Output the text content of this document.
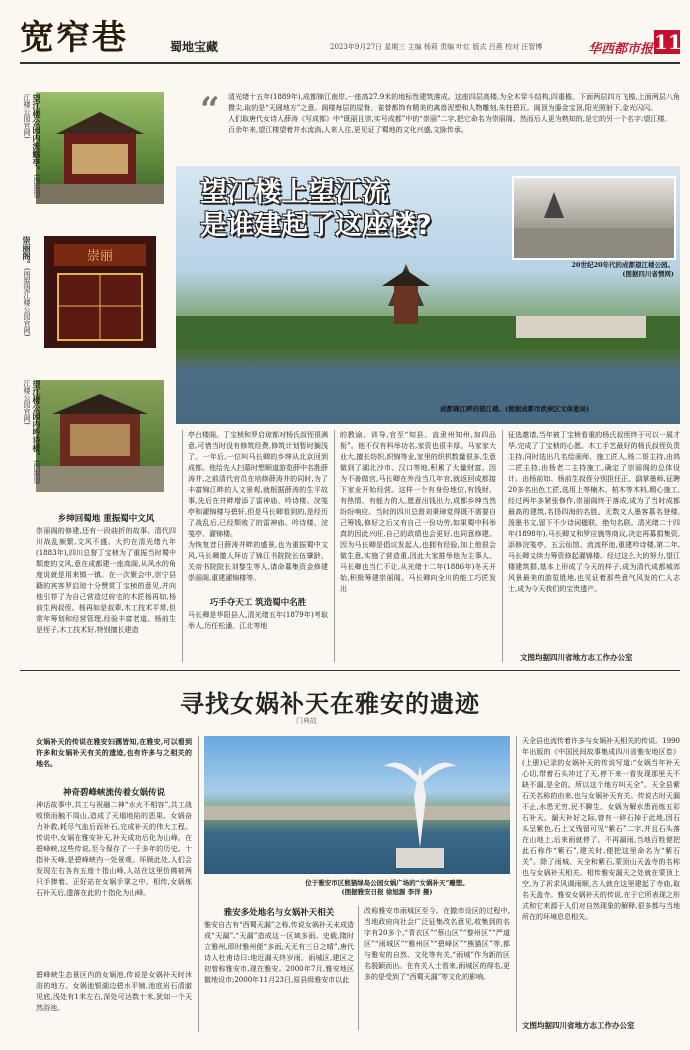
宽窄巷	蜀地宝藏	2023年9月27日 星期三 主编 杨莉 责编 叶红 版式 吕燕 校对 汪智博	华西都市报 11
望江楼公园内流觞亭。(图据望江楼公园官网)
崇丽
崇丽阁。(图据望江楼公园官网)
望江楼公园内吟诗楼。(图据望江楼公园官网)
“ 清光绪十五年(1889年),成都锦江南岸,一座高27.9米的地标性建筑落成。这座四层高楼,为全木穿斗结构,四重檐。下面两层四方飞檐,上面两层八角攒尖,取的是“天圆地方”之意。阁楼每层的屋脊、雀替都饰有精美的禽兽泥塑和人物雕刻,朱柱碧瓦。阁顶为鎏金宝顶,阳光照射下,金光闪闪。
人们取唐代女诗人薛涛《写成都》中“既丽且崇,实号成都”中的“崇丽”二字,把它命名为崇丽阁。然而后人更为熟知的,是它的另一个名字:望江楼。
百余年来,望江楼望着井水流淌,人来人往,更见证了蜀地的文化兴盛,文脉传承。
望江楼上望江流
是谁建起了这座楼?
20世纪20年代的成都望江楼公园。
(图据四川省情网)
成都锦江畔的望江楼。(图据成都市武侯区文体旅局)
乡绅回蜀地 重振蜀中文风
崇丽阁的修建,还有一段曲折的故事。清代四川战乱频繁,文风不盛。大约在清光绪九年(1883年),四川总督丁宝桢为了重振当时蜀中颓废的文风,意在成都建一座高阁,从风水的角度说就是用来镇一镇。在一次聚会中,崇宁县籍的宾客罗启琼十分赞赏丁宝桢的意见,并向他引荐了为自己营造过府宅的木匠杨再如,杨前生两叔侄。杨再如是叔辈,木工技术平常,但常年筹划和经营管理,经验丰富老道。杨前生是侄子,木工技术好,特别擅长建造
亭台楼阁。丁宝桢和罗启琼都对杨氏叔侄很满意,可惜当时没有修筑经费,修筑计划暂时搁浅了。一年后,一位叫马长卿的乡绅从北京回到成都。他给先人扫墓时想顺道游览薛中名胜薛涛井,之前清代官员在培修薛涛井的同时,为了丰富锦江畔的人文景观,就根据薛涛的生平故事,先后在井畔增添了雷神庙、吟诗楼、浣笺亭和濯锦楼与碧轩,但是马长卿看到的,是经历了战乱后,已经颓败了的雷神庙、吟诗楼、浣笺亭、濯锦楼。
为恢复昔日薛涛井畔的盛景,也为重振蜀中文风,马长卿邀人拜访了锦江书院院长伍肇龄、关帝书院院长刘黎生等人,请命募集资金修建崇丽阁,重建濯锦楼等。
巧手夺天工 筑造蜀中名胜
马长卿是华阳县人,清光绪五年(1879年)考取举人,历任松潘、江北等地
的教谕、训导,官至“知县、直隶州知州,加四品衔”。他不仅有科举功名,家资也很丰厚。马家家大业大,擅长纺织,织锦等业,家里的织机数量很多,生意做到了湖北沙市、汉口等地,积累了大量财富。因为不善做官,马长卿在外没当几年官,就返回成都接下家业开始经营。这样一个有身份地位,有钱财、有热情、有能力的人,愿意出钱出力,成都乡绅当然纷纷响应。当时的四川总督刘秉璋觉得既不需要自己筹钱,修好之后又有自己一份功劳,如果蜀中科举真的因此兴旺,自己的政绩也会更好,也同意修建。因为马长卿是倡议发起人,也拥有经验,加上他很会做生意,实施了营造重,因此大家推举他为主事人。马长卿也当仁不让,从光绪十二年(1886年)冬天开始,积极筹建崇丽阁。马长卿向全川的能工巧匠发出
征选邀请,当年被丁宝桢看重的杨氏叔侄终于可以一展才华,完成了丁宝桢的心愿。木工手艺最好的杨氏叔侄负责主持,同时选出几名绘画师、施工匠人,杨二哥主持,由鸿二匠主持,由杨老二主持施工,确定了崇丽阁的总体设计。由杨前如、杨前生叔侄分别担任正、副掌墨师,征聘20多名出色工匠,选用上等楠木、柏木等木料,精心施工,经过两年多紧张修作,崇丽阁终于落成,成为了当时成都最高的建筑,名扬四海的名胜。无数文人墨客慕名登楼,泼墨书文,留下不少诗词楹联、绝句名联。清光绪二十四年(1898年),马长卿又和罗应旒等商议,决定再募捐集资,添修浣笺亭、五云仙馆、流流杯池,重建吟诗楼,第二年,马长卿又续力筹资修起濯锦楼。经过这么大的努力,望江楼建筑群,基本上形成了今天的样子,成为清代成都城郊风景最美的游览胜地,也见证着那些意气风发的仁人志士,成为今天我们的宝贵遗产。
文图均据四川省地方志工作办公室
寻找女娲补天在雅安的遗迹
门典故
女娲补天的传说在雅安妇孺皆知,在雅安,可以看到许多和女娲补天有关的遗迹,也有许多与之相关的地名。
神奇碧峰峡流传着女娲传说
神话故事中,共工与祝融二神“水火不相容”,共工战败愤而触不周山,造成了天塌地陷的恶果。女娲奋力补救,耗尽气血后而补石,完成补天的伟大工程。传说中,女娲在雅安补天,补天成功后化为山峰。在碧峰峡,这些传说,至今保存了一千多年的历史。十指补天峰,是碧峰峡内一处景观。环顾此处,人们会发现左右各有五座十指山峰,人站在这里仿佛被两只手捧着。正好站在女娲手掌之中。相传,女娲炼石补天后,遗落在此的十指化为山峰。
碧峰峡生态景区内的女娲池,传说是女娲补天时沐浴的地方。女娲池银湖边碧水平铺,池底岩石清澈见底,浅处有1米左右,深处可达数十米,犹如一个天然浴池。
位于雅安市区熊猫绿岛公园女娲广场的“女娲补天”雕塑。
(图据雅安日报 徐旭源 李洋 摄)
雅安多处地名与女娲补天相关
雅安自古有“西蜀天漏”之称,传说女娲补天未成造成“天漏”,“天漏”造成这一区域多雨。史载,隋时立雅州,即时雅州便“多雨,天无有三日之晴”,唐代诗人杜甫诗曰:地近漏天终岁雨。雨城区,建区之初曾称雅安市,现在雅安。2000年7月,雅安地区撤地设市;2000年11月23日,原县级雅安市以此
改称雅安市雨城区至今。在撤市设区的过程中,当地政府向社会广泛征集改名意见,收集到的名字有20多个,“青衣区”“蔡山区”“黎州区”“严道区”“雨城区”“雅州区”“碧峰区”“熊猫区”等,都与雅安的自然、文化等有关,“雨城”作为新的区名脱颖而出。在有关人士看来,雨城区的得名,更多的是受到了“西蜀天漏”等文化的影响。
天全县也流传着许多与女娲补天相关的传说。1990年出版的《中国民间故事集成四川省雅安地区卷》(上册)记录的女娲补天的传说写道:“女娲当年补天心切,带着石头冲过了天,停下来一看发现那里天不缺不漏,是全的。所以这个地方叫天全”。天全县紫石关名称的由来,也与女娲补天有关。传说古时天漏不止,水患无穷,民不聊生。女娲为解水患而炼五彩石补天。漏天补好之际,曾有一碎石掉于此地,因石头呈紫色,石上又残留可见“紫石”二字,并且石头落在山地上,后来雨就停了。不再漏雨,当地百姓便把此石称作“紫石”,建关时,便把这里命名为“紫石关”。除了雨城、天全和紫石,蒙顶山天盖寺的名称也与女娲补天相关。相传雅安漏天之处就在蒙顶上空,为了祈求风调雨顺,古人就在这里建起了寺庙,取名天盖寺。雅安女娲补天的传说,在于它所表现之形式和它来源于人们对自然现象的解释,很多都与当地所在的环境息息相关。
文图均据四川省地方志工作办公室
